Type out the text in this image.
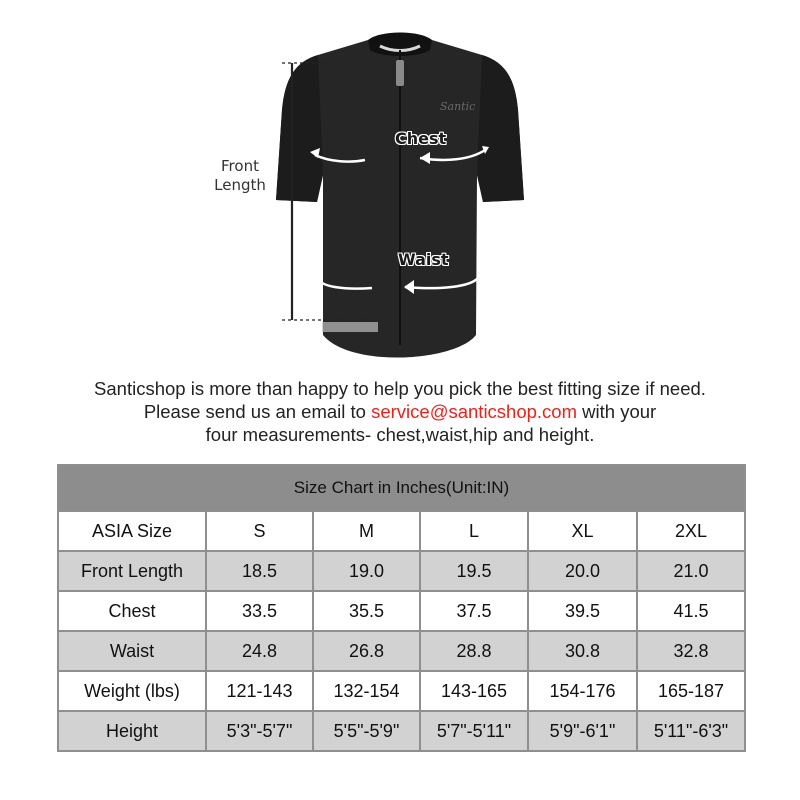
Santic
Front
Length
Chest
Waist
Santicshop is more than happy to help you pick the best fitting size if need.
Please send us an email to service@santicshop.com with your
four measurements- chest,waist,hip and height.
Size Chart in Inches(Unit:IN)					
ASIA Size	S	M	L	XL	2XL
Front Length	18.5	19.0	19.5	20.0	21.0
Chest	33.5	35.5	37.5	39.5	41.5
Waist	24.8	26.8	28.8	30.8	32.8
Weight (lbs)	121-143	132-154	143-165	154-176	165-187
Height	5'3"-5'7"	5'5"-5'9"	5'7"-5'11"	5'9"-6'1"	5'11"-6'3"
